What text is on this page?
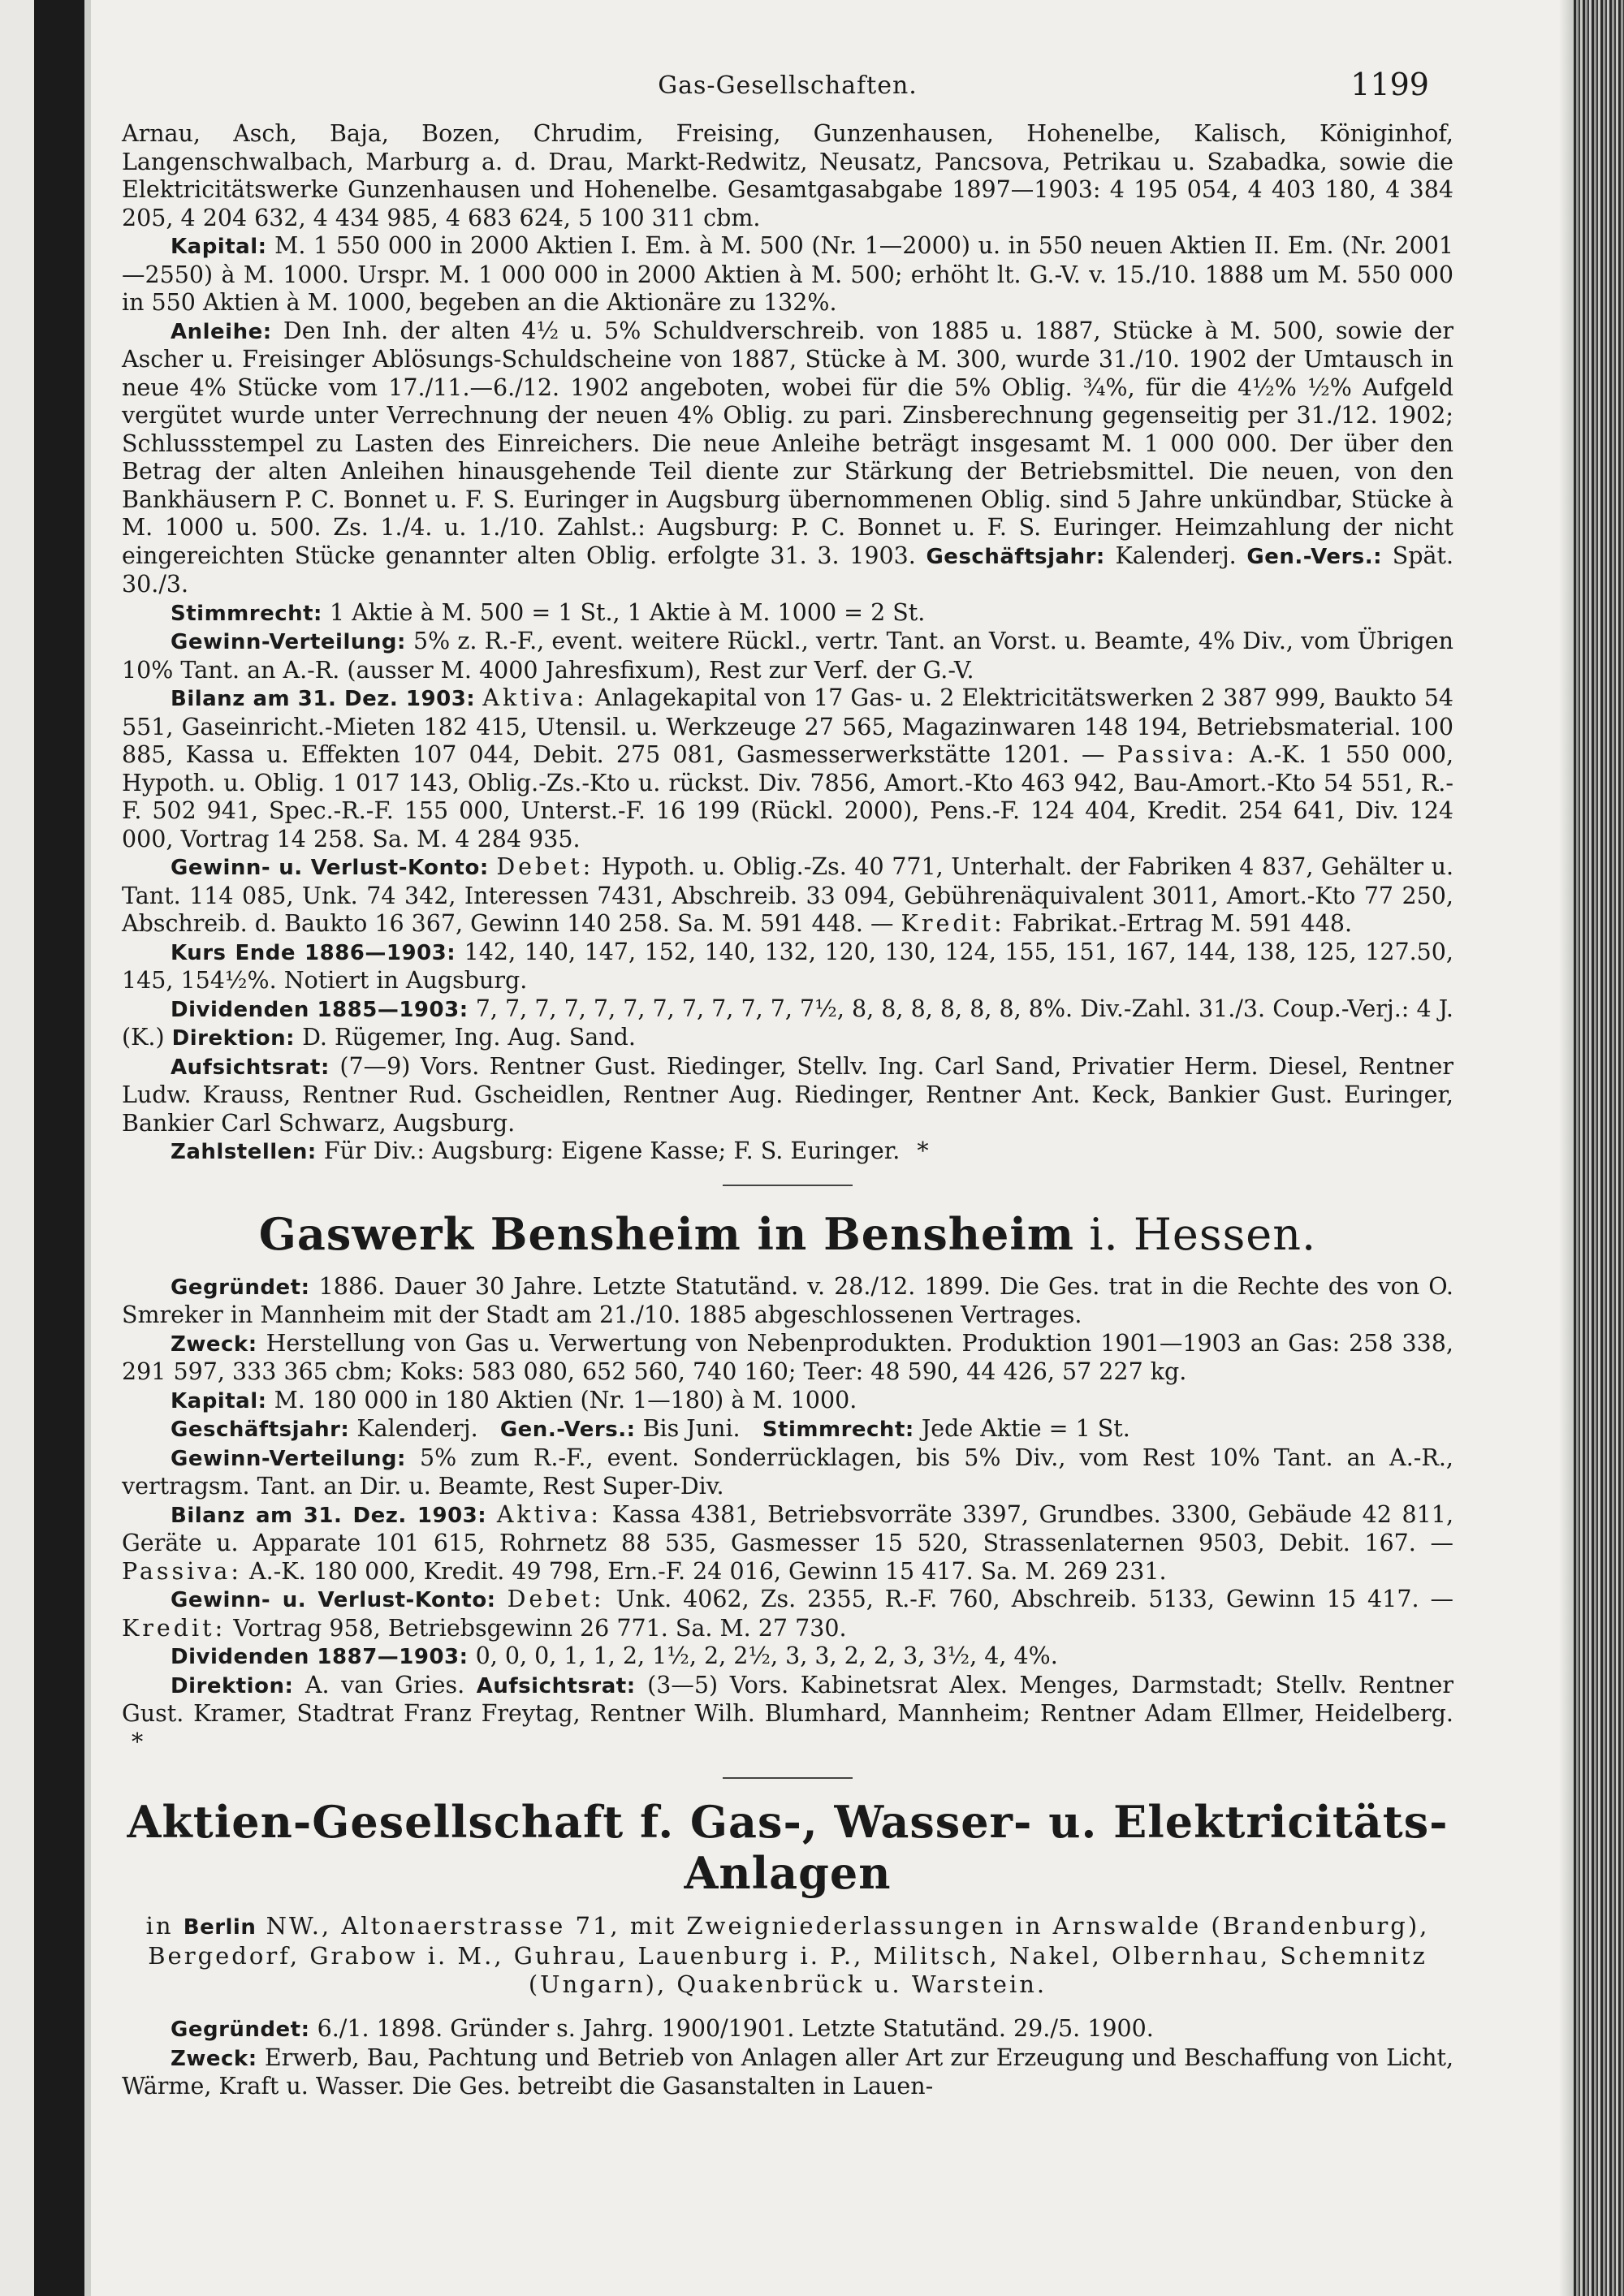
Gas-Gesellschaften.	1199

Arnau, Asch, Baja, Bozen, Chrudim, Freising, Gunzenhausen, Hohenelbe, Kalisch, Königinhof, Langenschwalbach, Marburg a. d. Drau, Markt-Redwitz, Neusatz, Pancsova, Petrikau u. Szabadka, sowie die Elektricitätswerke Gunzenhausen und Hohenelbe. Gesamtgasabgabe 1897—1903: 4 195 054, 4 403 180, 4 384 205, 4 204 632, 4 434 985, 4 683 624, 5 100 311 cbm.

Kapital: M. 1 550 000 in 2000 Aktien I. Em. à M. 500 (Nr. 1—2000) u. in 550 neuen Aktien II. Em. (Nr. 2001—2550) à M. 1000. Urspr. M. 1 000 000 in 2000 Aktien à M. 500; erhöht lt. G.-V. v. 15./10. 1888 um M. 550 000 in 550 Aktien à M. 1000, begeben an die Aktionäre zu 132%.

Anleihe: Den Inh. der alten 4½ u. 5% Schuldverschreib. von 1885 u. 1887, Stücke à M. 500, sowie der Ascher u. Freisinger Ablösungs-Schuldscheine von 1887, Stücke à M. 300, wurde 31./10. 1902 der Umtausch in neue 4% Stücke vom 17./11.—6./12. 1902 angeboten, wobei für die 5% Oblig. ¾%, für die 4½% ½% Aufgeld vergütet wurde unter Verrechnung der neuen 4% Oblig. zu pari. Zinsberechnung gegenseitig per 31./12. 1902; Schlussstempel zu Lasten des Einreichers. Die neue Anleihe beträgt insgesamt M. 1 000 000. Der über den Betrag der alten Anleihen hinausgehende Teil diente zur Stärkung der Betriebsmittel. Die neuen, von den Bankhäusern P. C. Bonnet u. F. S. Euringer in Augsburg übernommenen Oblig. sind 5 Jahre unkündbar, Stücke à M. 1000 u. 500. Zs. 1./4. u. 1./10. Zahlst.: Augsburg: P. C. Bonnet u. F. S. Euringer. Heimzahlung der nicht eingereichten Stücke genannter alten Oblig. erfolgte 31. 3. 1903. Geschäftsjahr: Kalenderj. Gen.-Vers.: Spät. 30./3.

Stimmrecht: 1 Aktie à M. 500 = 1 St., 1 Aktie à M. 1000 = 2 St.

Gewinn-Verteilung: 5% z. R.-F., event. weitere Rückl., vertr. Tant. an Vorst. u. Beamte, 4% Div., vom Übrigen 10% Tant. an A.-R. (ausser M. 4000 Jahresfixum), Rest zur Verf. der G.-V.

Bilanz am 31. Dez. 1903: Aktiva: Anlagekapital von 17 Gas- u. 2 Elektricitätswerken 2 387 999, Baukto 54 551, Gaseinricht.-Mieten 182 415, Utensil. u. Werkzeuge 27 565, Magazinwaren 148 194, Betriebsmaterial. 100 885, Kassa u. Effekten 107 044, Debit. 275 081, Gasmesserwerkstätte 1201. — Passiva: A.-K. 1 550 000, Hypoth. u. Oblig. 1 017 143, Oblig.-Zs.-Kto u. rückst. Div. 7856, Amort.-Kto 463 942, Bau-Amort.-Kto 54 551, R.-F. 502 941, Spec.-R.-F. 155 000, Unterst.-F. 16 199 (Rückl. 2000), Pens.-F. 124 404, Kredit. 254 641, Div. 124 000, Vortrag 14 258. Sa. M. 4 284 935.

Gewinn- u. Verlust-Konto: Debet: Hypoth. u. Oblig.-Zs. 40 771, Unterhalt. der Fabriken 4 837, Gehälter u. Tant. 114 085, Unk. 74 342, Interessen 7431, Abschreib. 33 094, Gebührenäquivalent 3011, Amort.-Kto 77 250, Abschreib. d. Baukto 16 367, Gewinn 140 258. Sa. M. 591 448. — Kredit: Fabrikat.-Ertrag M. 591 448.

Kurs Ende 1886—1903: 142, 140, 147, 152, 140, 132, 120, 130, 124, 155, 151, 167, 144, 138, 125, 127.50, 145, 154½%. Notiert in Augsburg.

Dividenden 1885—1903: 7, 7, 7, 7, 7, 7, 7, 7, 7, 7, 7, 7½, 8, 8, 8, 8, 8, 8, 8%. Div.-Zahl. 31./3. Coup.-Verj.: 4 J. (K.) Direktion: D. Rügemer, Ing. Aug. Sand.

Aufsichtsrat: (7—9) Vors. Rentner Gust. Riedinger, Stellv. Ing. Carl Sand, Privatier Herm. Diesel, Rentner Ludw. Krauss, Rentner Rud. Gscheidlen, Rentner Aug. Riedinger, Rentner Ant. Keck, Bankier Gust. Euringer, Bankier Carl Schwarz, Augsburg.

Zahlstellen: Für Div.: Augsburg: Eigene Kasse; F. S. Euringer. *

Gaswerk Bensheim in Bensheim i. Hessen.

Gegründet: 1886. Dauer 30 Jahre. Letzte Statutänd. v. 28./12. 1899. Die Ges. trat in die Rechte des von O. Smreker in Mannheim mit der Stadt am 21./10. 1885 abgeschlossenen Vertrages.

Zweck: Herstellung von Gas u. Verwertung von Nebenprodukten. Produktion 1901—1903 an Gas: 258 338, 291 597, 333 365 cbm; Koks: 583 080, 652 560, 740 160; Teer: 48 590, 44 426, 57 227 kg.

Kapital: M. 180 000 in 180 Aktien (Nr. 1—180) à M. 1000.

Geschäftsjahr: Kalenderj. Gen.-Vers.: Bis Juni. Stimmrecht: Jede Aktie = 1 St.

Gewinn-Verteilung: 5% zum R.-F., event. Sonderrücklagen, bis 5% Div., vom Rest 10% Tant. an A.-R., vertragsm. Tant. an Dir. u. Beamte, Rest Super-Div.

Bilanz am 31. Dez. 1903: Aktiva: Kassa 4381, Betriebsvorräte 3397, Grundbes. 3300, Gebäude 42 811, Geräte u. Apparate 101 615, Rohrnetz 88 535, Gasmesser 15 520, Strassenlaternen 9503, Debit. 167. — Passiva: A.-K. 180 000, Kredit. 49 798, Ern.-F. 24 016, Gewinn 15 417. Sa. M. 269 231.

Gewinn- u. Verlust-Konto: Debet: Unk. 4062, Zs. 2355, R.-F. 760, Abschreib. 5133, Gewinn 15 417. — Kredit: Vortrag 958, Betriebsgewinn 26 771. Sa. M. 27 730.

Dividenden 1887—1903: 0, 0, 0, 1, 1, 2, 1½, 2, 2½, 3, 3, 2, 2, 3, 3½, 4, 4%.

Direktion: A. van Gries. Aufsichtsrat: (3—5) Vors. Kabinetsrat Alex. Menges, Darmstadt; Stellv. Rentner Gust. Kramer, Stadtrat Franz Freytag, Rentner Wilh. Blumhard, Mannheim; Rentner Adam Ellmer, Heidelberg. *

Aktien-Gesellschaft f. Gas-, Wasser- u. Elektricitäts-Anlagen
in Berlin NW., Altonaerstrasse 71, mit Zweigniederlassungen in Arnswalde (Brandenburg), Bergedorf, Grabow i. M., Guhrau, Lauenburg i. P., Militsch, Nakel, Olbernhau, Schemnitz (Ungarn), Quakenbrück u. Warstein.

Gegründet: 6./1. 1898. Gründer s. Jahrg. 1900/1901. Letzte Statutänd. 29./5. 1900.

Zweck: Erwerb, Bau, Pachtung und Betrieb von Anlagen aller Art zur Erzeugung und Beschaffung von Licht, Wärme, Kraft u. Wasser. Die Ges. betreibt die Gasanstalten in Lauen-
